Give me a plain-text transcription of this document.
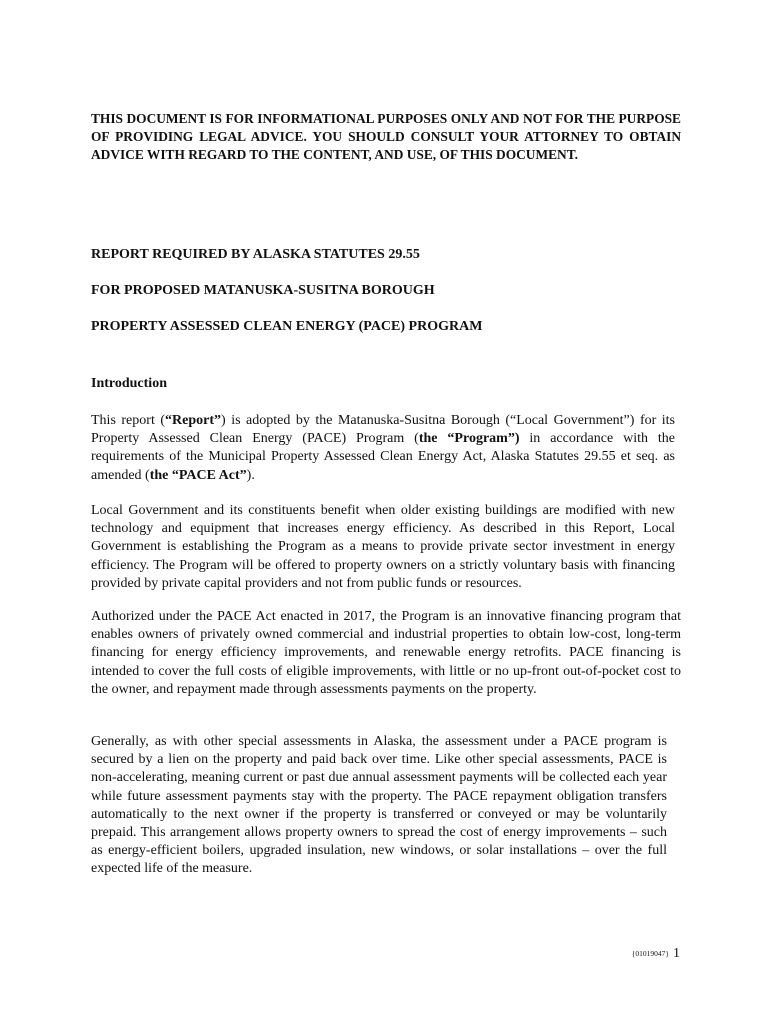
THIS DOCUMENT IS FOR INFORMATIONAL PURPOSES ONLY AND NOT FOR THE PURPOSE OF PROVIDING LEGAL ADVICE. YOU SHOULD CONSULT YOUR ATTORNEY TO OBTAIN ADVICE WITH REGARD TO THE CONTENT, AND USE, OF THIS DOCUMENT.
REPORT REQUIRED BY ALASKA STATUTES 29.55
FOR PROPOSED MATANUSKA-SUSITNA BOROUGH
PROPERTY ASSESSED CLEAN ENERGY (PACE) PROGRAM
Introduction
This report (“Report”) is adopted by the Matanuska-Susitna Borough (“Local Government”) for its Property Assessed Clean Energy (PACE) Program (the “Program”) in accordance with the requirements of the Municipal Property Assessed Clean Energy Act, Alaska Statutes 29.55 et seq. as amended (the “PACE Act”).
Local Government and its constituents benefit when older existing buildings are modified with new technology and equipment that increases energy efficiency. As described in this Report, Local Government is establishing the Program as a means to provide private sector investment in energy efficiency. The Program will be offered to property owners on a strictly voluntary basis with financing provided by private capital providers and not from public funds or resources.
Authorized under the PACE Act enacted in 2017, the Program is an innovative financing program that enables owners of privately owned commercial and industrial properties to obtain low-cost, long-term financing for energy efficiency improvements, and renewable energy retrofits. PACE financing is intended to cover the full costs of eligible improvements, with little or no up-front out-of-pocket cost to the owner, and repayment made through assessments payments on the property.
Generally, as with other special assessments in Alaska, the assessment under a PACE program is secured by a lien on the property and paid back over time. Like other special assessments, PACE is non-accelerating, meaning current or past due annual assessment payments will be collected each year while future assessment payments stay with the property. The PACE repayment obligation transfers automatically to the next owner if the property is transferred or conveyed or may be voluntarily prepaid. This arrangement allows property owners to spread the cost of energy improvements – such as energy-efficient boilers, upgraded insulation, new windows, or solar installations – over the full expected life of the measure.
{01019047} 1
